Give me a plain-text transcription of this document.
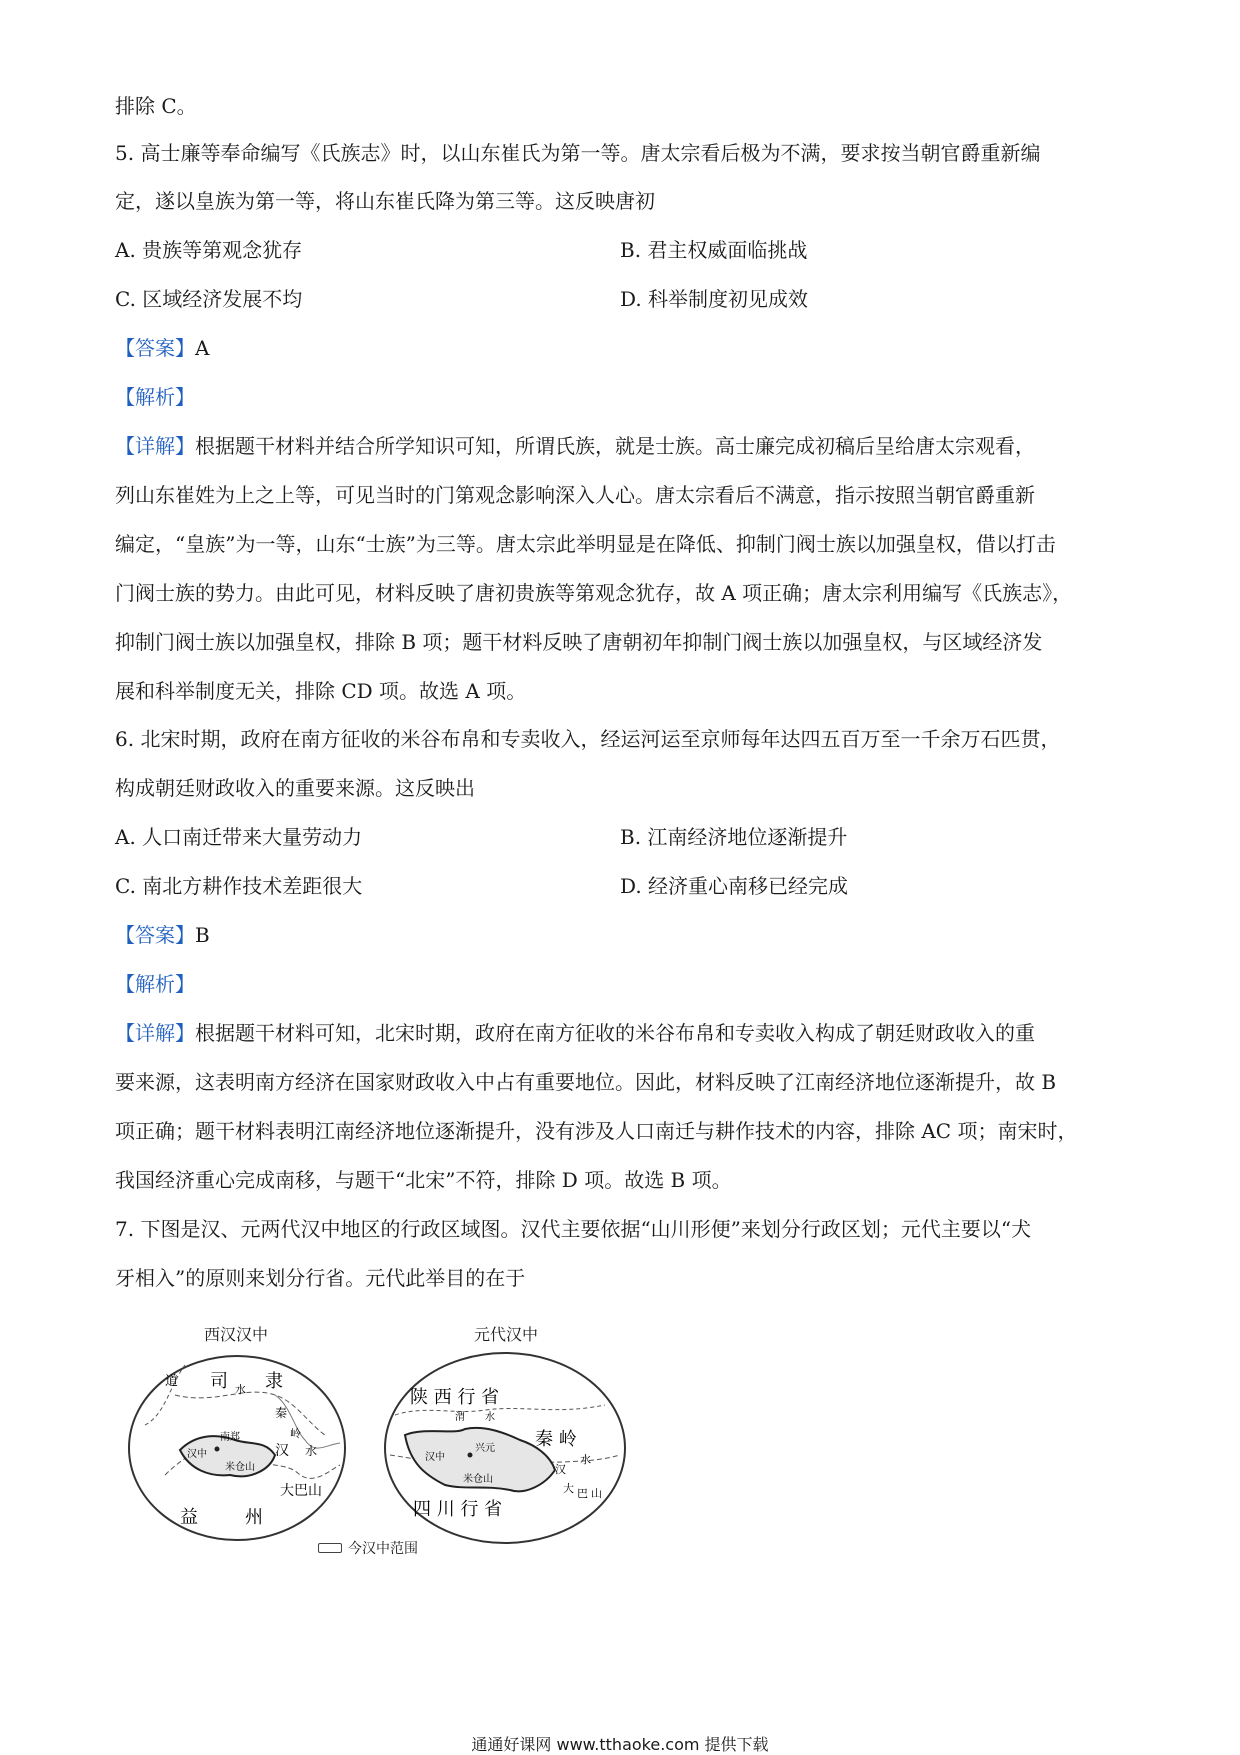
排除 C。
5. 高士廉等奉命编写《氏族志》时，以山东崔氏为第一等。唐太宗看后极为不满，要求按当朝官爵重新编
定，遂以皇族为第一等，将山东崔氏降为第三等。这反映唐初
A. 贵族等第观念犹存	B. 君主权威面临挑战
C. 区域经济发展不均	D. 科举制度初见成效
【答案】A
【解析】
【详解】根据题干材料并结合所学知识可知，所谓氏族，就是士族。高士廉完成初稿后呈给唐太宗观看，
列山东崔姓为上之上等，可见当时的门第观念影响深入人心。唐太宗看后不满意，指示按照当朝官爵重新
编定，“皇族”为一等，山东“士族”为三等。唐太宗此举明显是在降低、抑制门阀士族以加强皇权，借以打击
门阀士族的势力。由此可见，材料反映了唐初贵族等第观念犹存，故 A 项正确；唐太宗利用编写《氏族志》，
抑制门阀士族以加强皇权，排除 B 项；题干材料反映了唐朝初年抑制门阀士族以加强皇权，与区域经济发
展和科举制度无关，排除 CD 项。故选 A 项。
6. 北宋时期，政府在南方征收的米谷布帛和专卖收入，经运河运至京师每年达四五百万至一千余万石匹贯，
构成朝廷财政收入的重要来源。这反映出
A. 人口南迁带来大量劳动力	B. 江南经济地位逐渐提升
C. 南北方耕作技术差距很大	D. 经济重心南移已经完成
【答案】B
【解析】
【详解】根据题干材料可知，北宋时期，政府在南方征收的米谷布帛和专卖收入构成了朝廷财政收入的重
要来源，这表明南方经济在国家财政收入中占有重要地位。因此，材料反映了江南经济地位逐渐提升，故 B
项正确；题干材料表明江南经济地位逐渐提升，没有涉及人口南迁与耕作技术的内容，排除 AC 项；南宋时，
我国经济重心完成南移，与题干“北宋”不符，排除 D 项。故选 B 项。
7. 下图是汉、元两代汉中地区的行政区域图。汉代主要依据“山川形便”来划分行政区划；元代主要以“犬
牙相入”的原则来划分行省。元代此举目的在于
西汉汉中	元代汉中
道 司 水 隶
秦
岭
南郑
汉中
米仓山
汉 水
大巴山
益	州
陕 西 行 省
渭 水
秦 岭
兴元
汉中
米仓山
汉
水
大 巴 山
四 川 行 省
今汉中范围
通通好课网 www.tthaoke.com 提供下载
